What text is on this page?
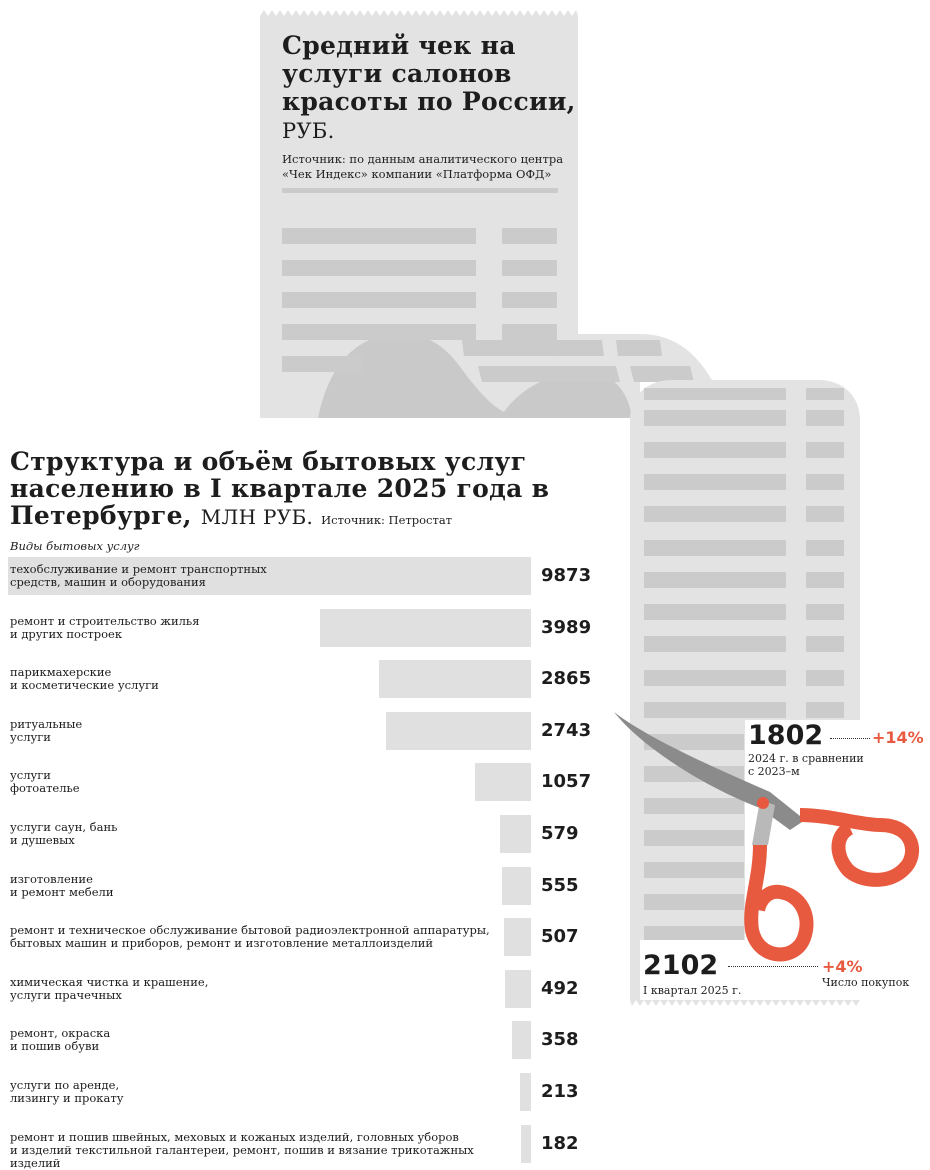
Средний чек на услуги салонов красоты по России, РУБ.
Источник: по данным аналитического центра «Чек Индекс» компании «Платформа ОФД»
1802
2024 г. в сравнении
с 2023–м
+14%
2102
I квартал 2025 г.
+4%
Число покупок
Структура и объём бытовых услуг населению в I квартале 2025 года в Петербурге, МЛН РУБ. Источник: Петростат
Виды бытовых услуг
техобслуживание и ремонт транспортных
средств, машин и оборудования	9873
ремонт и строительство жилья
и других построек	3989
парикмахерские
и косметические услуги	2865
ритуальные
услуги	2743
услуги
фотоателье	1057
услуги саун, бань
и душевых	579
изготовление
и ремонт мебели	555
ремонт и техническое обслуживание бытовой радиоэлектронной аппаратуры,
бытовых машин и приборов, ремонт и изготовление металлоизделий	507
химическая чистка и крашение,
услуги прачечных	492
ремонт, окраска
и пошив обуви	358
услуги по аренде,
лизингу и прокату	213
ремонт и пошив швейных, меховых и кожаных изделий, головных уборов
и изделий текстильной галантереи, ремонт, пошив и вязание трикотажных изделий
182
